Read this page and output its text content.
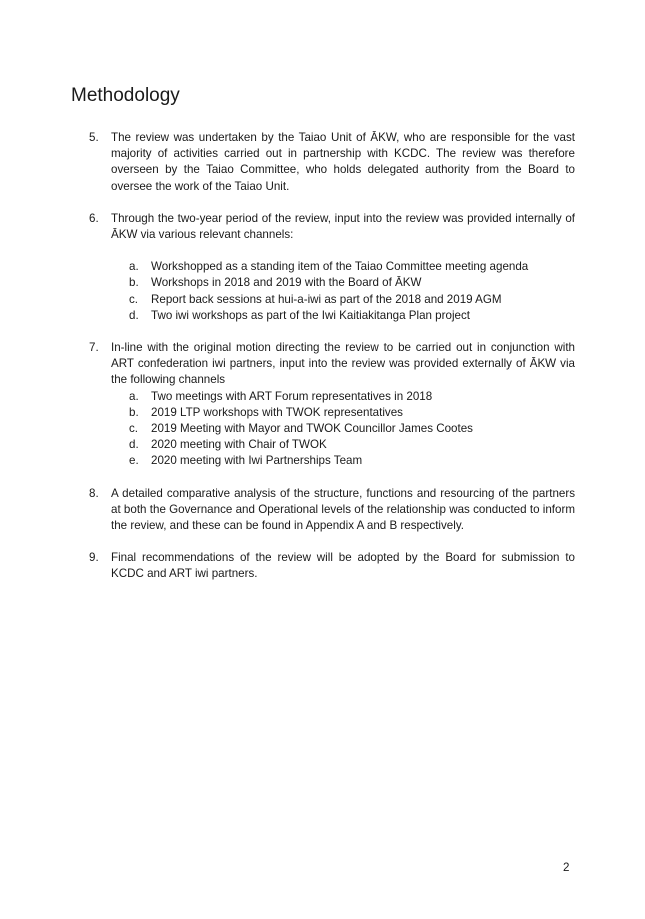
Methodology
5. The review was undertaken by the Taiao Unit of ĀKW, who are responsible for the vast majority of activities carried out in partnership with KCDC. The review was therefore overseen by the Taiao Committee, who holds delegated authority from the Board to oversee the work of the Taiao Unit.
6. Through the two-year period of the review, input into the review was provided internally of ĀKW via various relevant channels:
a. Workshopped as a standing item of the Taiao Committee meeting agenda
b. Workshops in 2018 and 2019 with the Board of ĀKW
c. Report back sessions at hui-a-iwi as part of the 2018 and 2019 AGM
d. Two iwi workshops as part of the Iwi Kaitiakitanga Plan project
7. In-line with the original motion directing the review to be carried out in conjunction with ART confederation iwi partners, input into the review was provided externally of ĀKW via the following channels
a. Two meetings with ART Forum representatives in 2018
b. 2019 LTP workshops with TWOK representatives
c. 2019 Meeting with Mayor and TWOK Councillor James Cootes
d. 2020 meeting with Chair of TWOK
e. 2020 meeting with Iwi Partnerships Team
8. A detailed comparative analysis of the structure, functions and resourcing of the partners at both the Governance and Operational levels of the relationship was conducted to inform the review, and these can be found in Appendix A and B respectively.
9. Final recommendations of the review will be adopted by the Board for submission to KCDC and ART iwi partners.
2
